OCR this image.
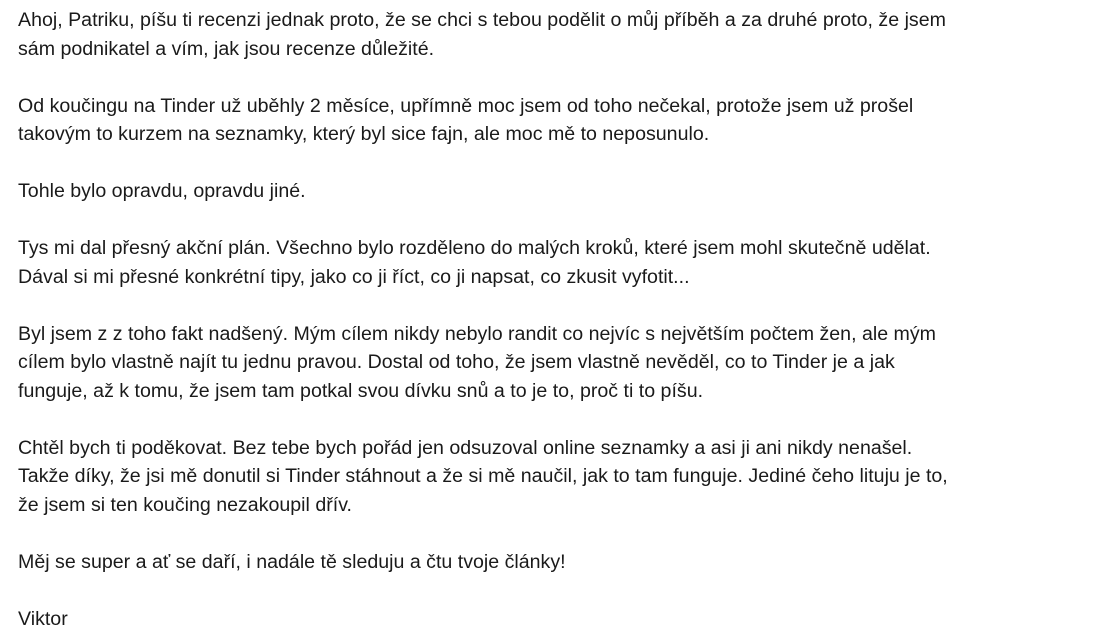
Ahoj, Patriku, píšu ti recenzi jednak proto, že se chci s tebou podělit o můj příběh a za druhé proto, že jsem
sám podnikatel a vím, jak jsou recenze důležité.

Od koučingu na Tinder už uběhly 2 měsíce, upřímně moc jsem od toho nečekal, protože jsem už prošel
takovým to kurzem na seznamky, který byl sice fajn, ale moc mě to neposunulo.

Tohle bylo opravdu, opravdu jiné.

Tys mi dal přesný akční plán. Všechno bylo rozděleno do malých kroků, které jsem mohl skutečně udělat.
Dával si mi přesné konkrétní tipy, jako co ji říct, co ji napsat, co zkusit vyfotit...

Byl jsem z z toho fakt nadšený. Mým cílem nikdy nebylo randit co nejvíc s největším počtem žen, ale mým
cílem bylo vlastně najít tu jednu pravou. Dostal od toho, že jsem vlastně nevěděl, co to Tinder je a jak
funguje, až k tomu, že jsem tam potkal svou dívku snů a to je to, proč ti to píšu.

Chtěl bych ti poděkovat. Bez tebe bych pořád jen odsuzoval online seznamky a asi ji ani nikdy nenašel.
Takže díky, že jsi mě donutil si Tinder stáhnout a že si mě naučil, jak to tam funguje. Jediné čeho lituju je to,
že jsem si ten koučing nezakoupil dřív.

Měj se super a ať se daří, i nadále tě sleduju a čtu tvoje články!

Viktor
